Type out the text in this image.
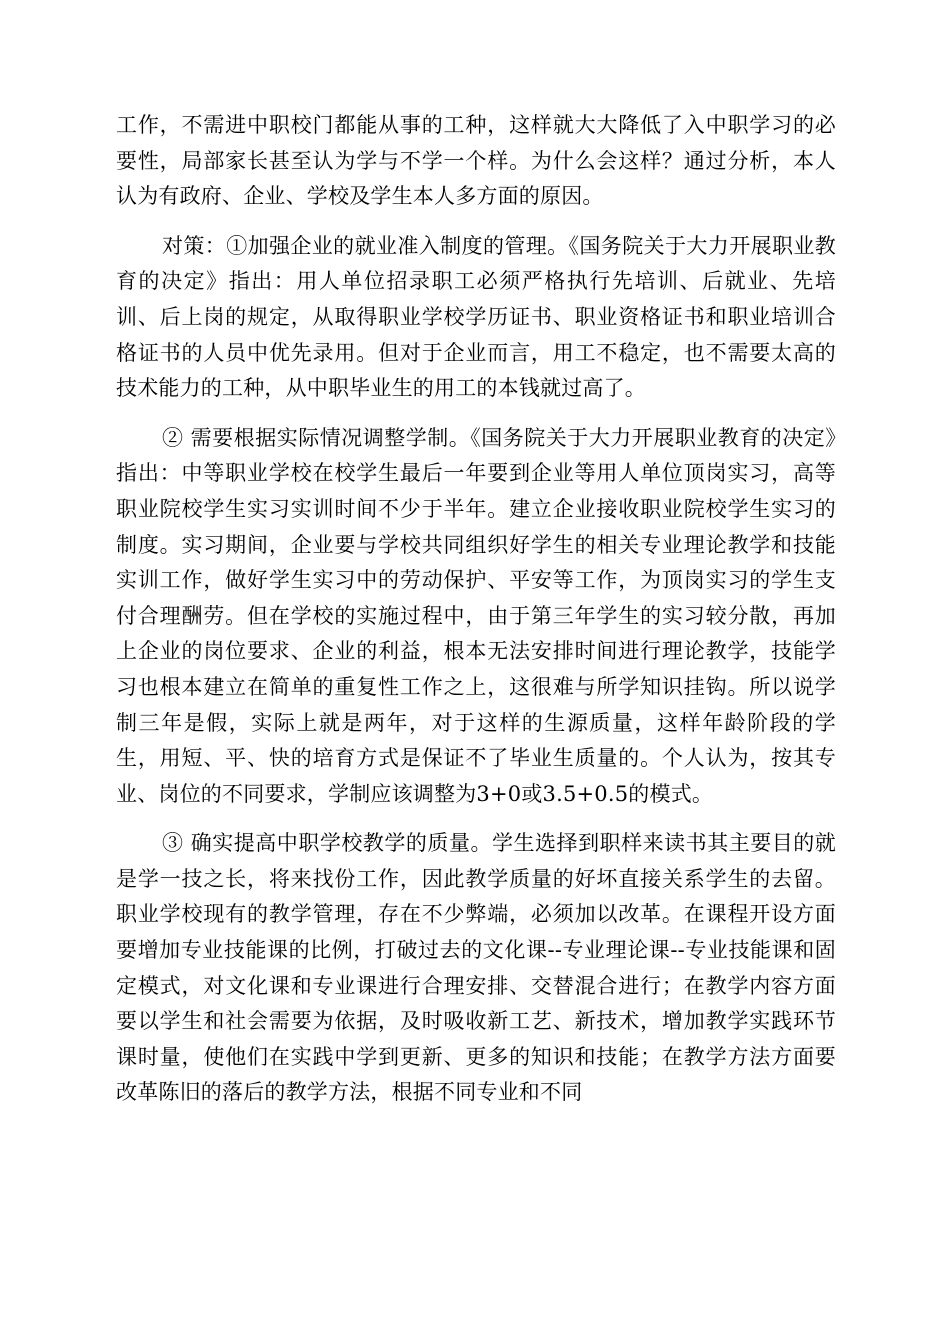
工作，不需进中职校门都能从事的工种，这样就大大降低了入中职学习的必要性，局部家长甚至认为学与不学一个样。为什么会这样？通过分析，本人认为有政府、企业、学校及学生本人多方面的原因。

对策：①加强企业的就业准入制度的管理。《国务院关于大力开展职业教育的决定》指出：用人单位招录职工必须严格执行先培训、后就业、先培训、后上岗的规定，从取得职业学校学历证书、职业资格证书和职业培训合格证书的人员中优先录用。但对于企业而言，用工不稳定，也不需要太高的技术能力的工种，从中职毕业生的用工的本钱就过高了。

② 需要根据实际情况调整学制。《国务院关于大力开展职业教育的决定》指出：中等职业学校在校学生最后一年要到企业等用人单位顶岗实习，高等职业院校学生实习实训时间不少于半年。建立企业接收职业院校学生实习的制度。实习期间，企业要与学校共同组织好学生的相关专业理论教学和技能实训工作，做好学生实习中的劳动保护、平安等工作，为顶岗实习的学生支付合理酬劳。但在学校的实施过程中，由于第三年学生的实习较分散，再加上企业的岗位要求、企业的利益，根本无法安排时间进行理论教学，技能学习也根本建立在简单的重复性工作之上，这很难与所学知识挂钩。所以说学制三年是假，实际上就是两年，对于这样的生源质量，这样年龄阶段的学生，用短、平、快的培育方式是保证不了毕业生质量的。个人认为，按其专业、岗位的不同要求，学制应该调整为3+0或3.5+0.5的模式。

③ 确实提高中职学校教学的质量。学生选择到职样来读书其主要目的就是学一技之长，将来找份工作，因此教学质量的好坏直接关系学生的去留。职业学校现有的教学管理，存在不少弊端，必须加以改革。在课程开设方面要增加专业技能课的比例，打破过去的文化课--专业理论课--专业技能课和固定模式，对文化课和专业课进行合理安排、交替混合进行；在教学内容方面要以学生和社会需要为依据，及时吸收新工艺、新技术，增加教学实践环节课时量，使他们在实践中学到更新、更多的知识和技能；在教学方法方面要改革陈旧的落后的教学方法，根据不同专业和不同
